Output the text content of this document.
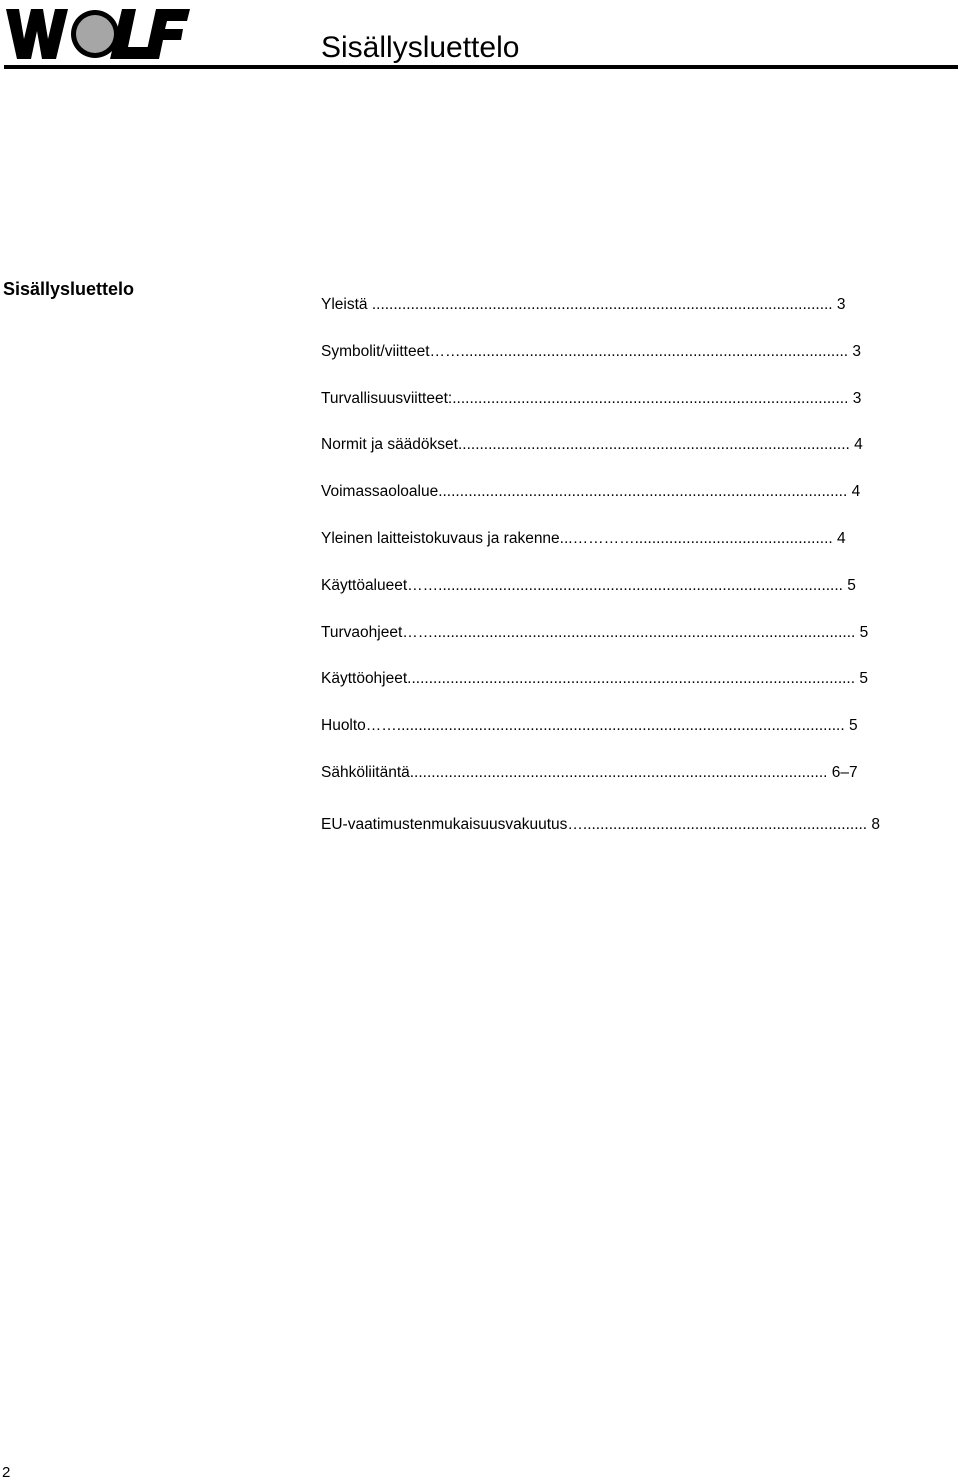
Sisällysluettelo
Sisällysluettelo
Yleistä ........................................................................................................... 3
Symbolit/viitteet…….......................................................................................... 3
Turvallisuusviitteet:............................................................................................ 3
Normit ja säädökset........................................................................................... 4
Voimassaoloalue............................................................................................... 4
Yleinen laitteistokuvaus ja rakenne...………….............................................. 4
Käyttöalueet…….............................................................................................. 5
Turvaohjeet…….................................................................................................. 5
Käyttöohjeet........................................................................................................ 5
Huolto……........................................................................................................ 5
Sähköliitäntä................................................................................................. 6–7
EU-vaatimustenmukaisuusvakuutus….................................................................. 8
2
